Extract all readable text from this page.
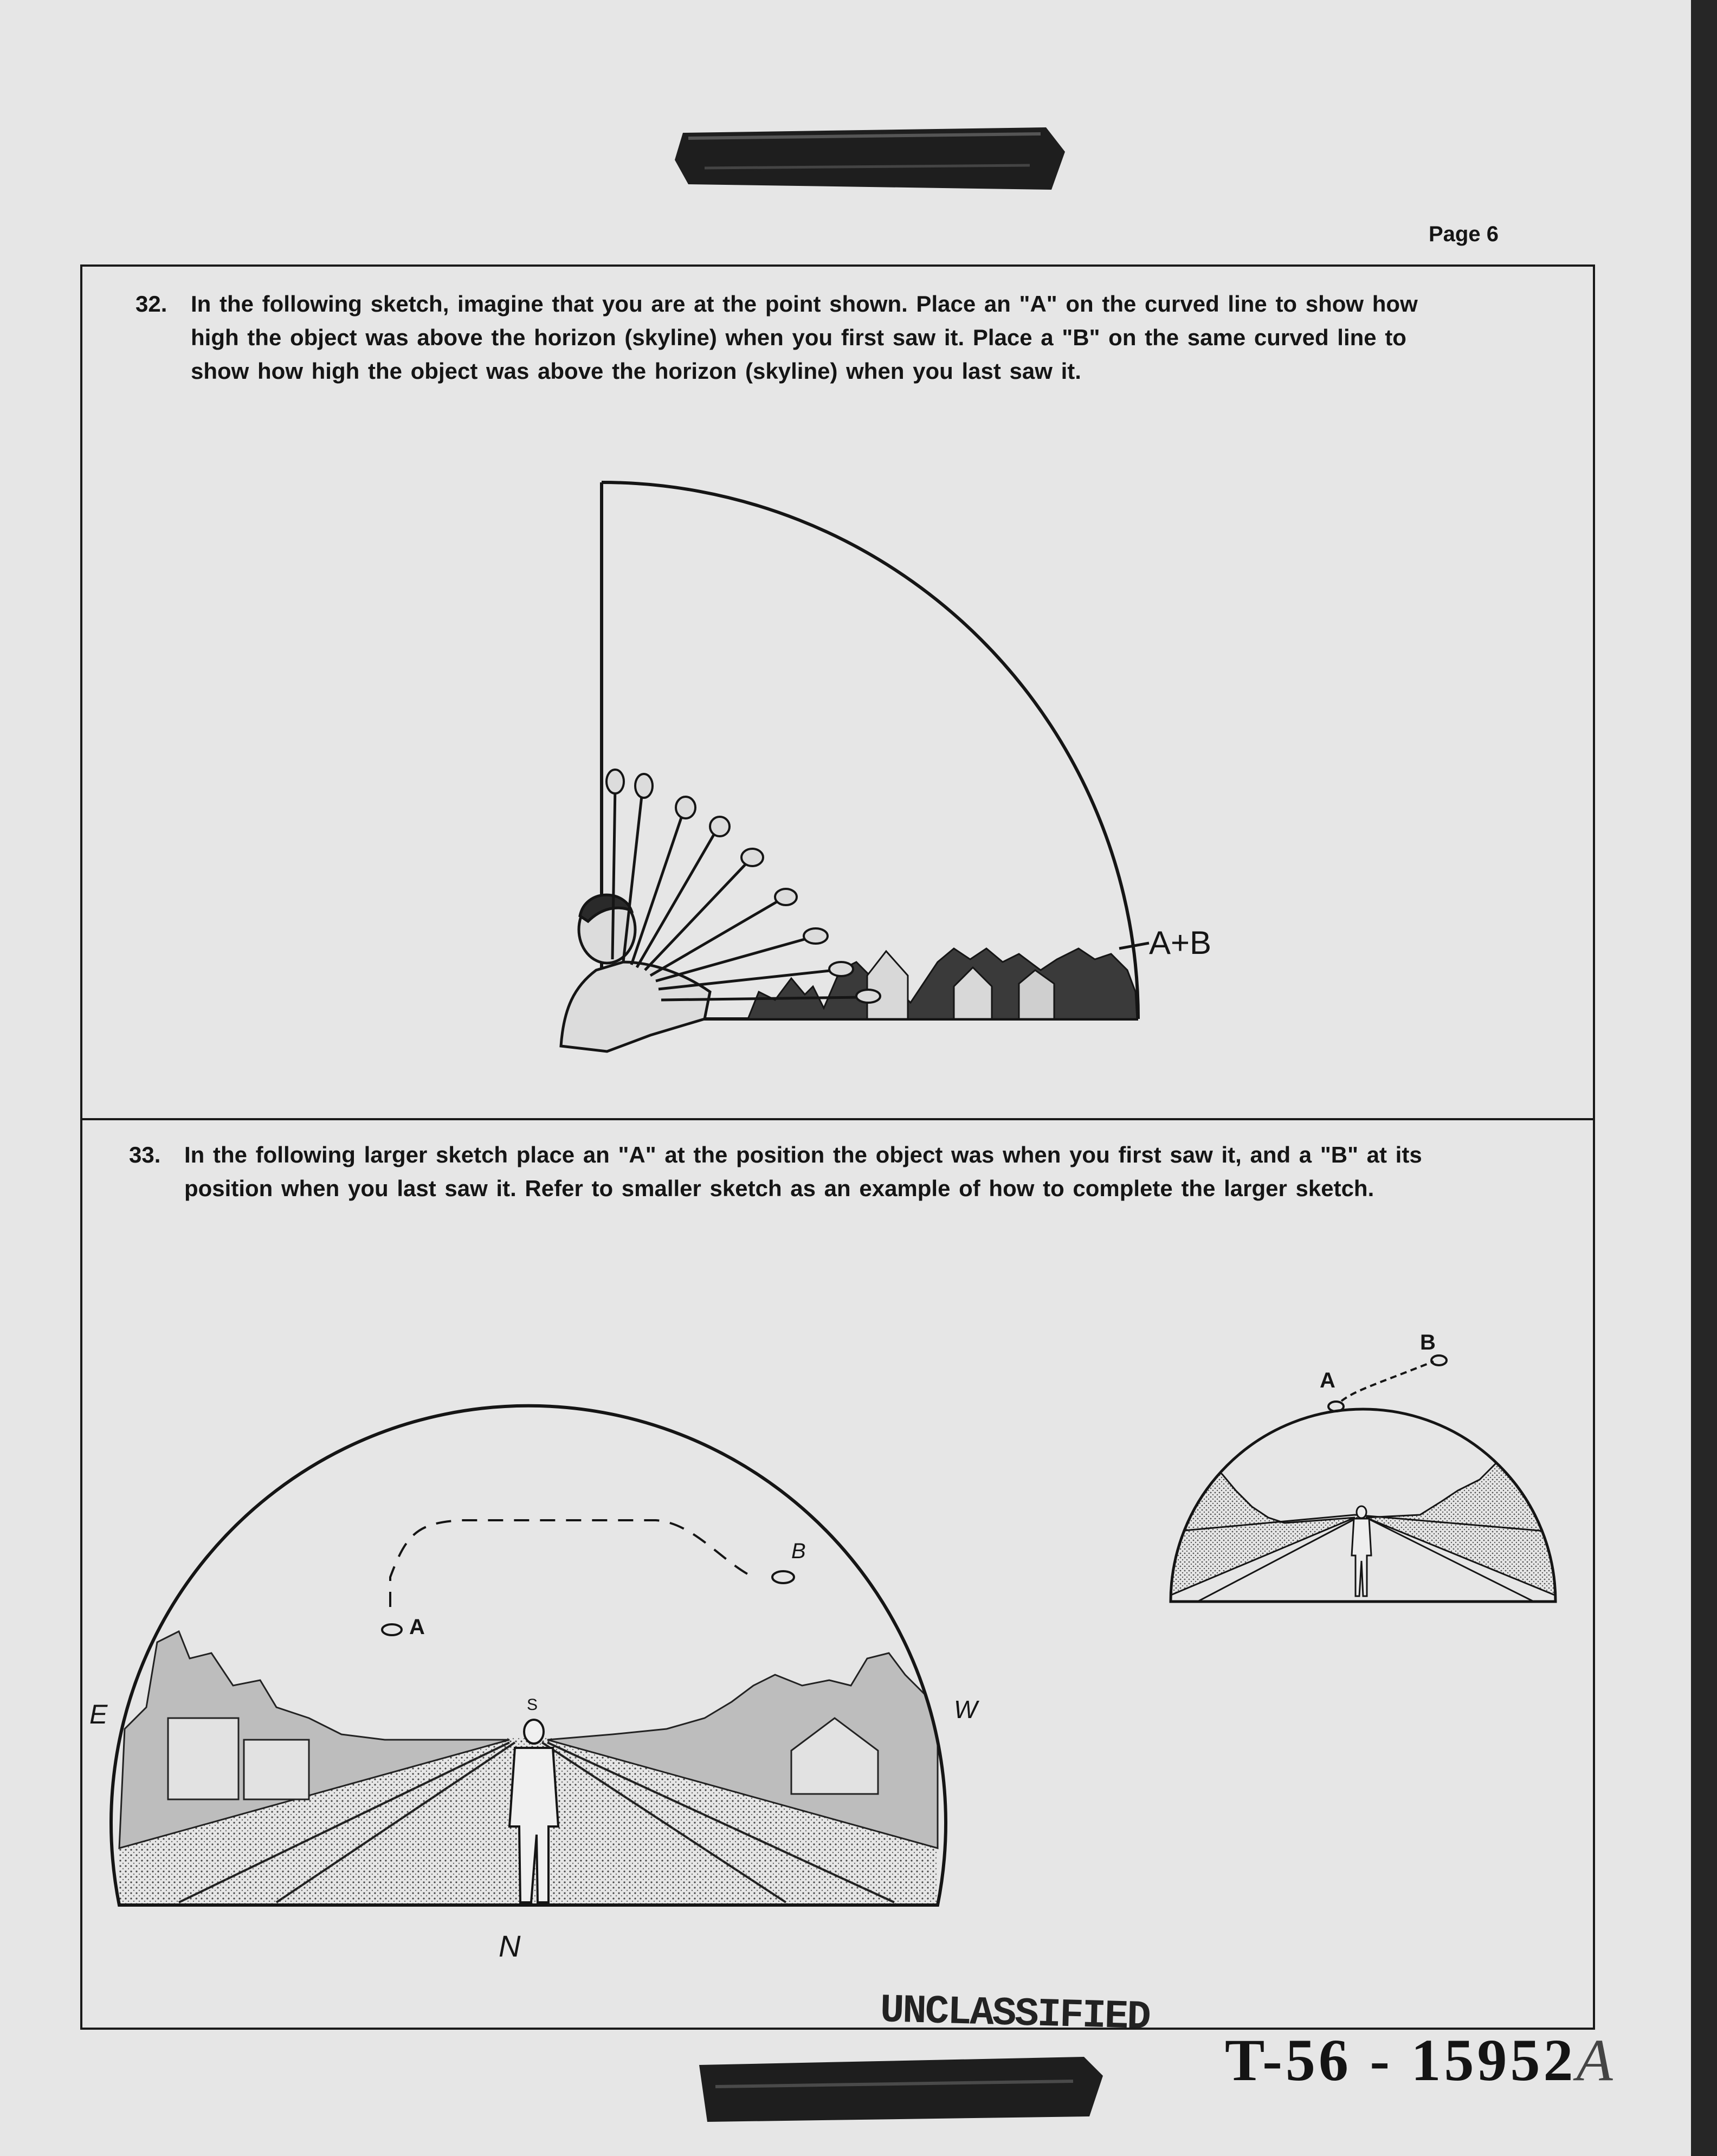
Page 6
32. In the following sketch, imagine that you are at the point shown. Place an "A" on the curved line to show how
high the object was above the horizon (skyline) when you first saw it. Place a "B" on the same curved line to
show how high the object was above the horizon (skyline) when you last saw it.
A+B
33. In the following larger sketch place an "A" at the position the object was when you first saw it, and a "B" at its
position when you last saw it. Refer to smaller sketch as an example of how to complete the larger sketch.
A
B
E	W
S
N
A
B
UNCLASSIFIED
T-56 - 15952A
